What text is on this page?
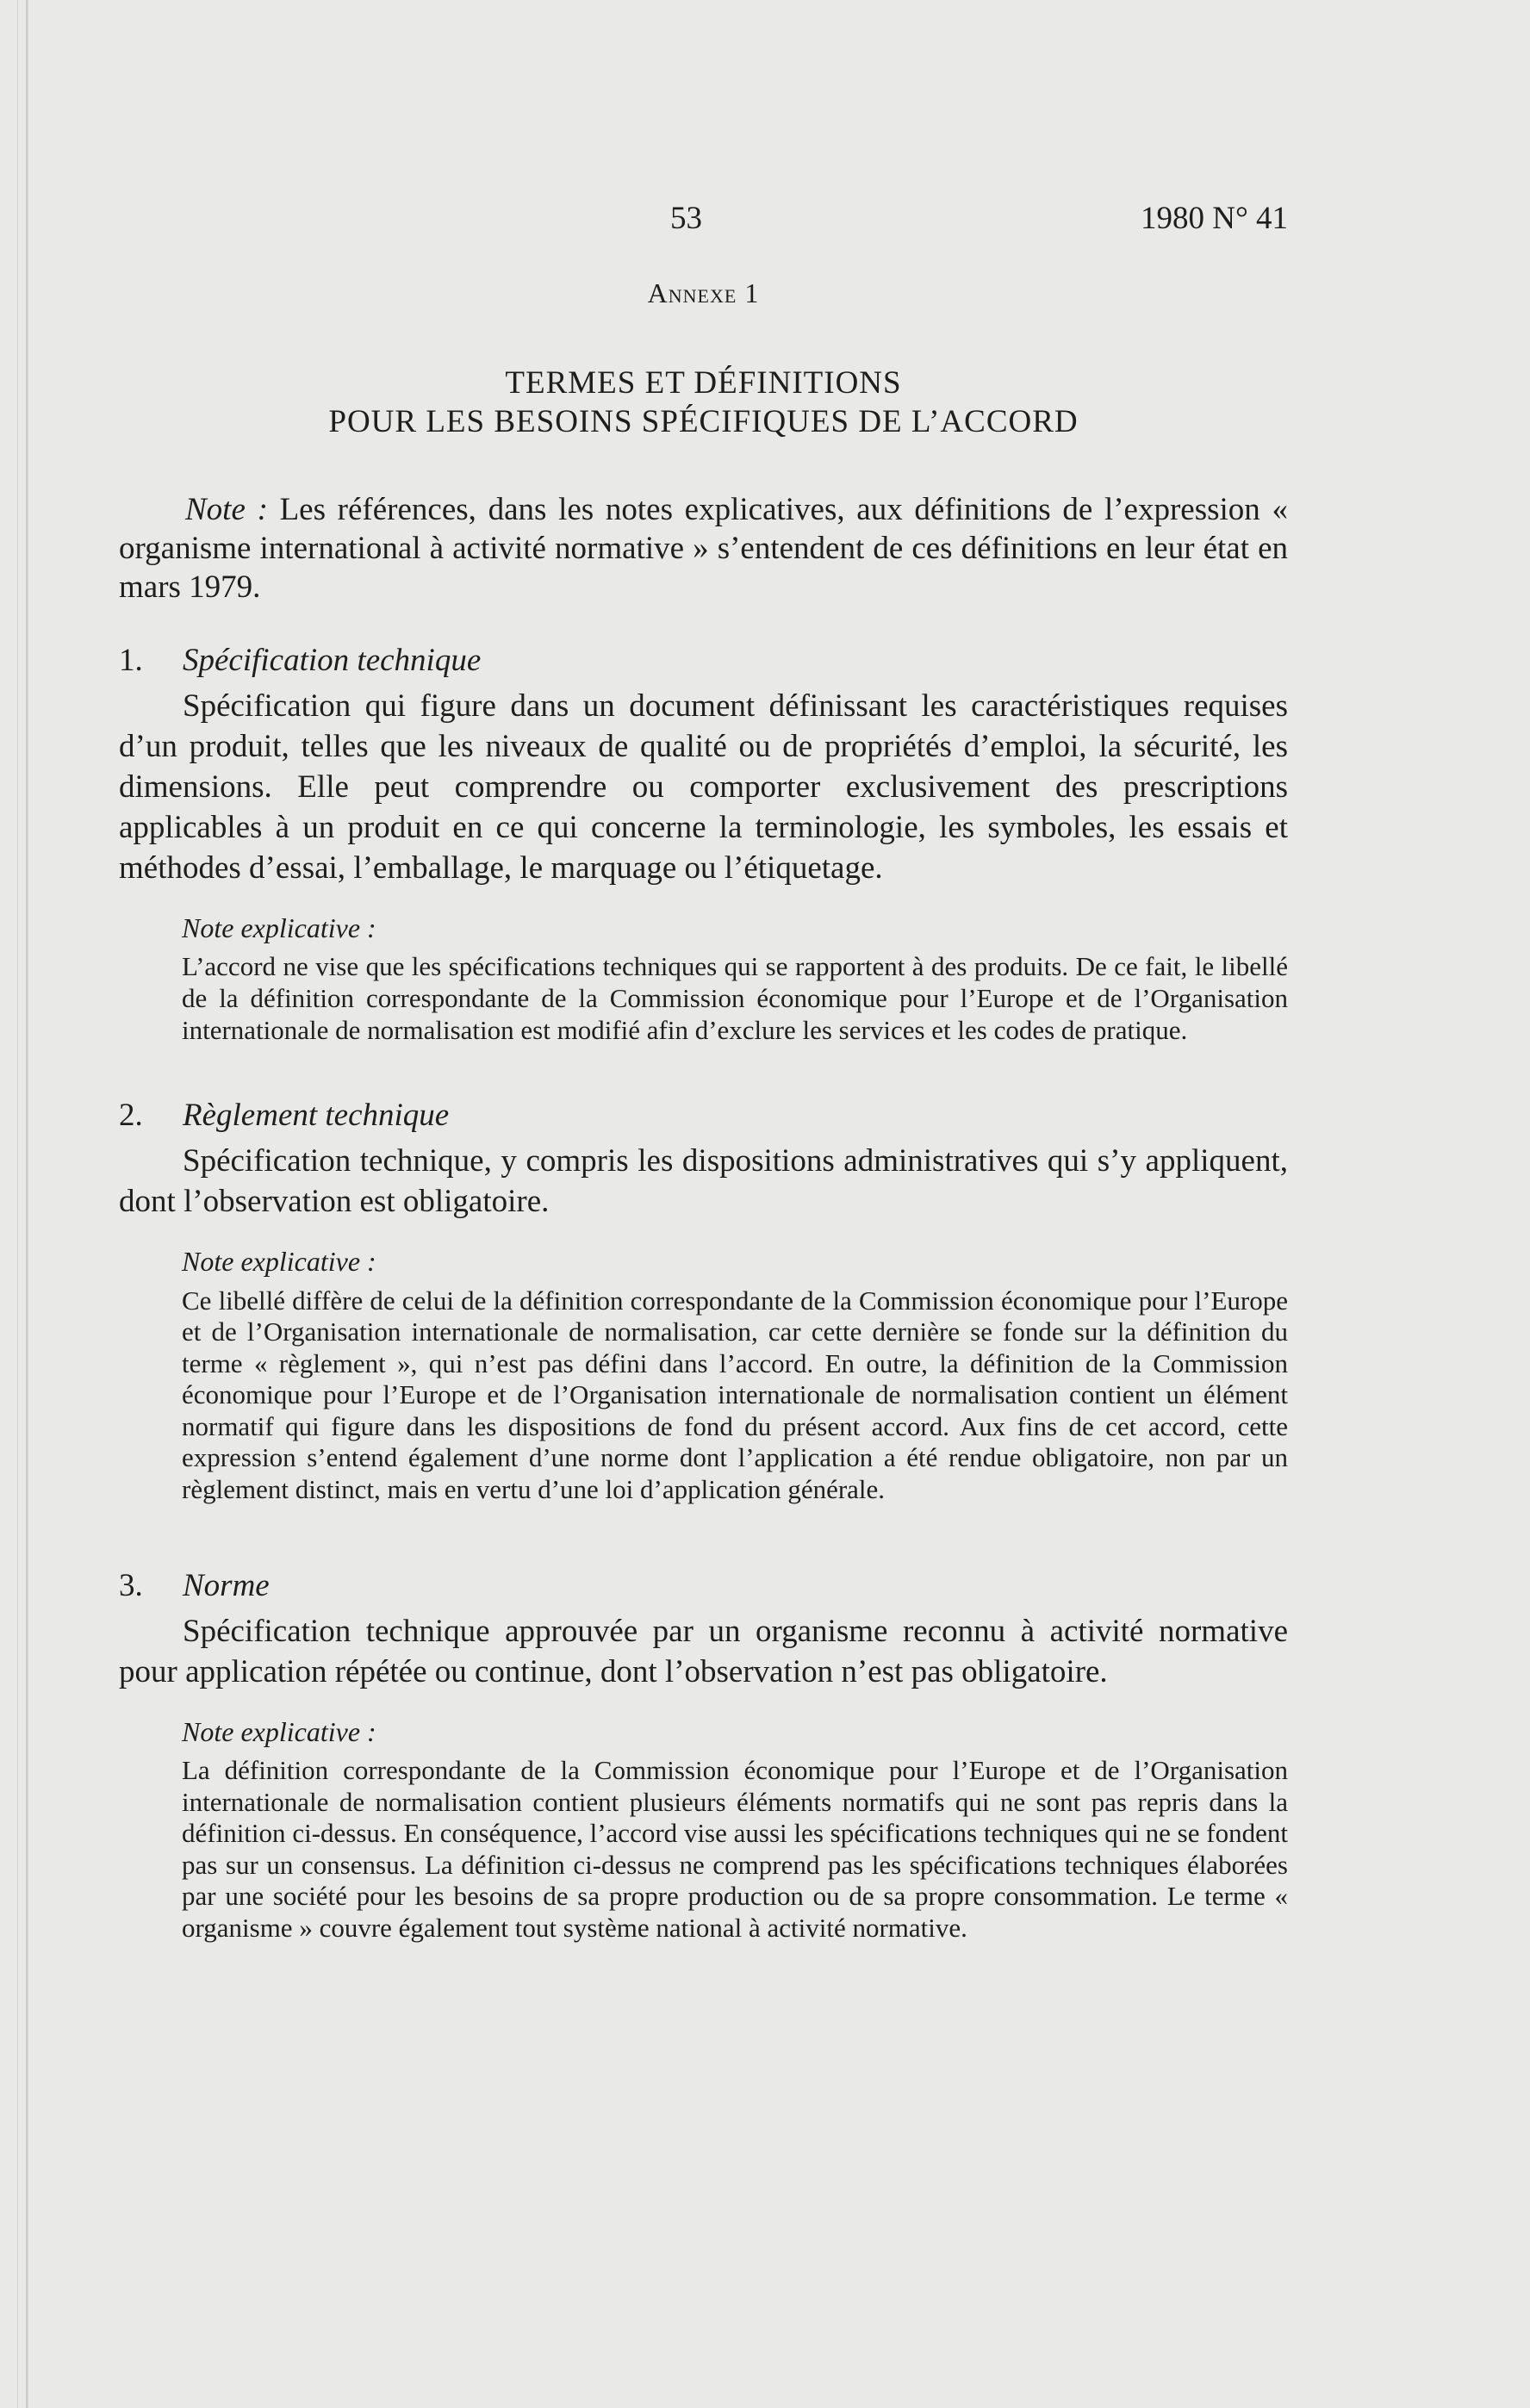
53	1980 N° 41
Annexe 1
TERMES ET DÉFINITIONS
POUR LES BESOINS SPÉCIFIQUES DE L’ACCORD

Note : Les références, dans les notes explicatives, aux définitions de l’expression « organisme international à activité normative » s’entendent de ces définitions en leur état en mars 1979.

1. Spécification technique
Spécification qui figure dans un document définissant les caractéristiques requises d’un produit, telles que les niveaux de qualité ou de propriétés d’emploi, la sécurité, les dimensions. Elle peut comprendre ou comporter exclusivement des prescriptions applicables à un produit en ce qui concerne la terminologie, les symboles, les essais et méthodes d’essai, l’emballage, le marquage ou l’étiquetage.
Note explicative :
L’accord ne vise que les spécifications techniques qui se rapportent à des produits. De ce fait, le libellé de la définition correspondante de la Commission économique pour l’Europe et de l’Organisation internationale de normalisation est modifié afin d’exclure les services et les codes de pratique.
2. Règlement technique
Spécification technique, y compris les dispositions administratives qui s’y appliquent, dont l’observation est obligatoire.
Note explicative :
Ce libellé diffère de celui de la définition correspondante de la Commission économique pour l’Europe et de l’Organisation internationale de normalisation, car cette dernière se fonde sur la définition du terme « règlement », qui n’est pas défini dans l’accord. En outre, la définition de la Commission économique pour l’Europe et de l’Organisation internationale de normalisation contient un élément normatif qui figure dans les dispositions de fond du présent accord. Aux fins de cet accord, cette expression s’entend également d’une norme dont l’application a été rendue obligatoire, non par un règlement distinct, mais en vertu d’une loi d’application générale.
3. Norme
Spécification technique approuvée par un organisme reconnu à activité normative pour application répétée ou continue, dont l’observation n’est pas obligatoire.
Note explicative :
La définition correspondante de la Commission économique pour l’Europe et de l’Organisation internationale de normalisation contient plusieurs éléments normatifs qui ne sont pas repris dans la définition ci-dessus. En conséquence, l’accord vise aussi les spécifications techniques qui ne se fondent pas sur un consensus. La définition ci-dessus ne comprend pas les spécifications techniques élaborées par une société pour les besoins de sa propre production ou de sa propre consommation. Le terme « organisme » couvre également tout système national à activité normative.
